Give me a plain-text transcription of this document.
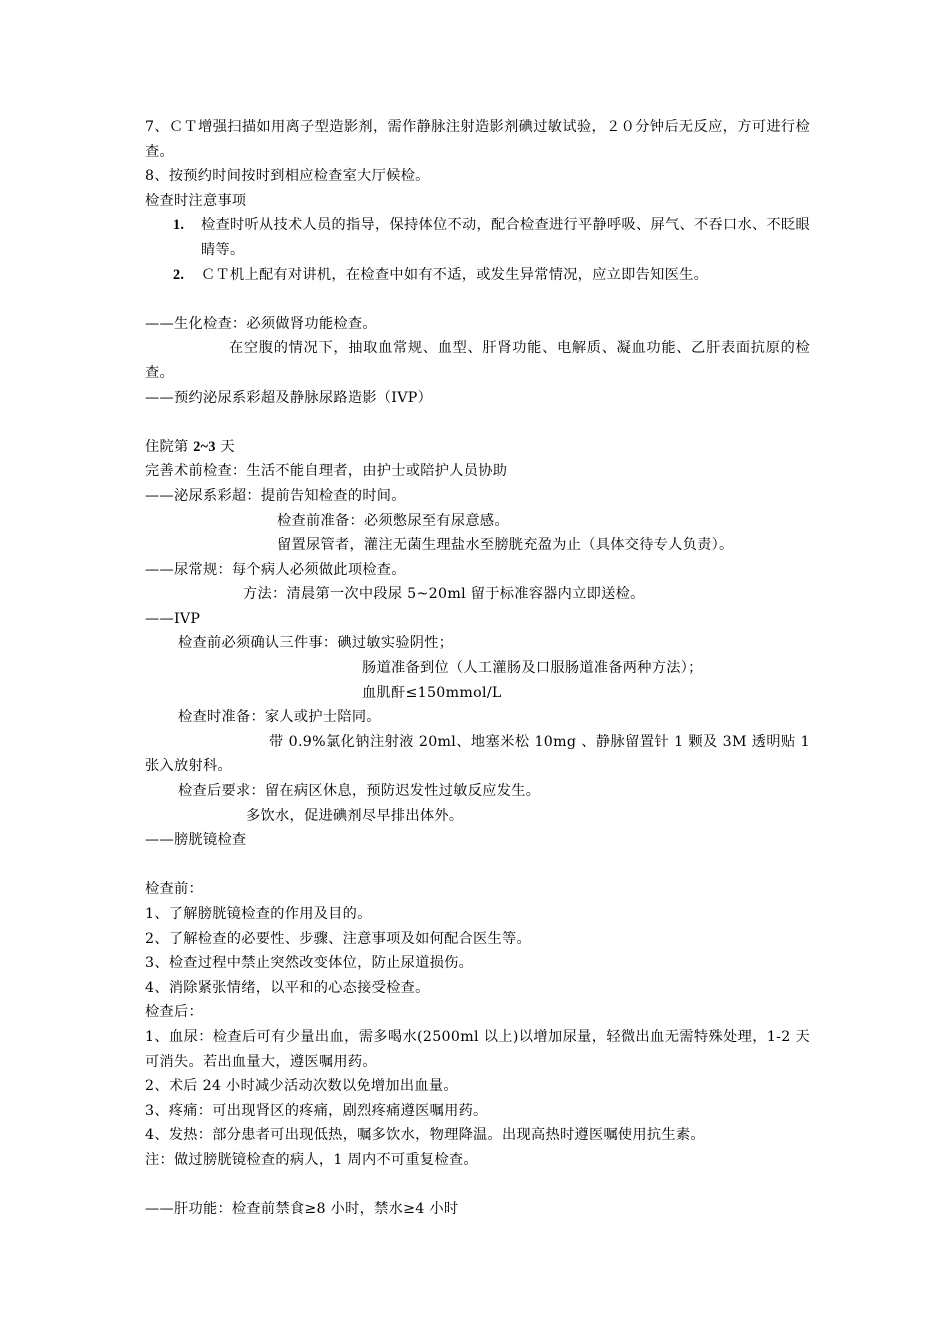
7、ＣＴ增强扫描如用离子型造影剂，需作静脉注射造影剂碘过敏试验，２０分钟后无反应，方可进行检查。
8、按预约时间按时到相应检查室大厅候检。
检查时注意事项
1. 检查时听从技术人员的指导，保持体位不动，配合检查进行平静呼吸、屏气、不吞口水、不眨眼睛等。
2. ＣＴ机上配有对讲机，在检查中如有不适，或发生异常情况，应立即告知医生。
——生化检查：必须做肾功能检查。
在空腹的情况下，抽取血常规、血型、肝肾功能、电解质、凝血功能、乙肝表面抗原的检查。
——预约泌尿系彩超及静脉尿路造影（IVP）
住院第 2~3 天
完善术前检查：生活不能自理者，由护士或陪护人员协助
——泌尿系彩超：提前告知检查的时间。
检查前准备：必须憋尿至有尿意感。
留置尿管者，灌注无菌生理盐水至膀胱充盈为止（具体交待专人负责）。
——尿常规：每个病人必须做此项检查。
方法：清晨第一次中段尿 5~20ml 留于标准容器内立即送检。
——IVP
检查前必须确认三件事：碘过敏实验阴性；
肠道准备到位（人工灌肠及口服肠道准备两种方法）；
血肌酐≤150mmol/L
检查时准备：家人或护士陪同。
带 0.9%氯化钠注射液 20ml、地塞米松 10mg 、静脉留置针 1 颗及 3M 透明贴 1 张入放射科。
检查后要求：留在病区休息，预防迟发性过敏反应发生。
多饮水，促进碘剂尽早排出体外。
——膀胱镜检查
检查前：
1、了解膀胱镜检查的作用及目的。
2、了解检查的必要性、步骤、注意事项及如何配合医生等。
3、检查过程中禁止突然改变体位，防止尿道损伤。
4、消除紧张情绪，以平和的心态接受检查。
检查后：
1、血尿：检查后可有少量出血，需多喝水(2500ml 以上)以增加尿量，轻微出血无需特殊处理，1-2 天可消失。若出血量大，遵医嘱用药。
2、术后 24 小时减少活动次数以免增加出血量。
3、疼痛：可出现肾区的疼痛，剧烈疼痛遵医嘱用药。
4、发热：部分患者可出现低热，嘱多饮水，物理降温。出现高热时遵医嘱使用抗生素。
注：做过膀胱镜检查的病人，1 周内不可重复检查。
——肝功能：检查前禁食≥8 小时，禁水≥4 小时
